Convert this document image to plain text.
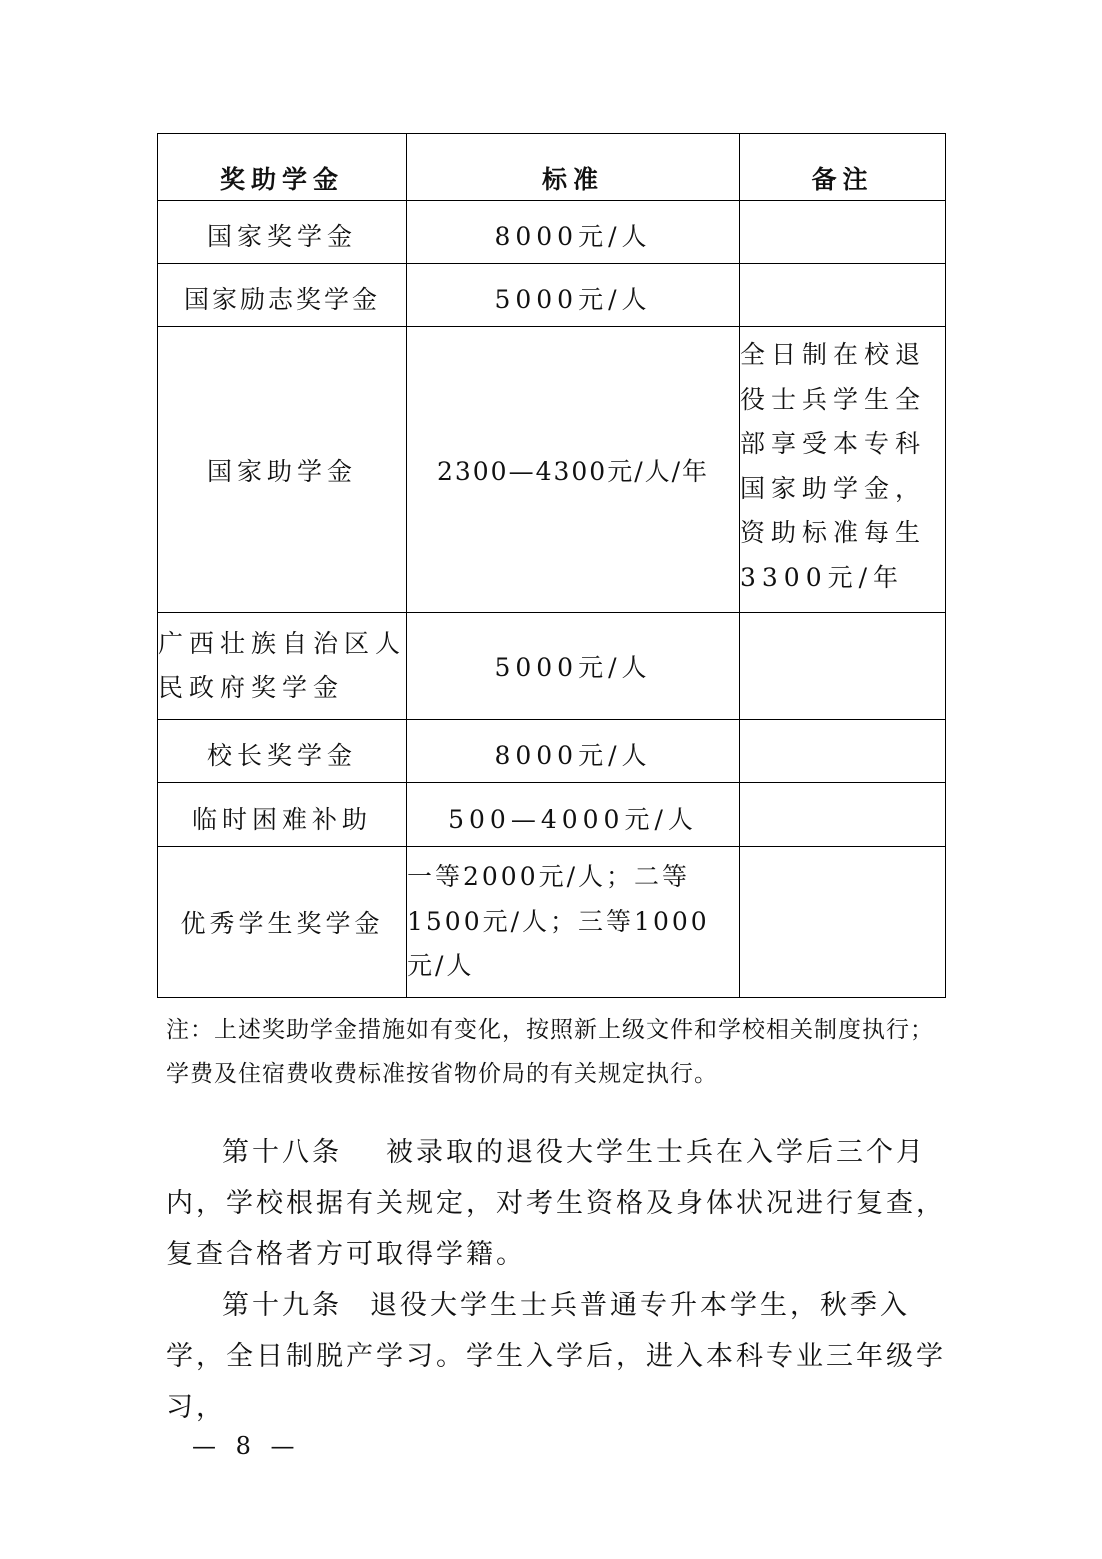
奖助学金	标准	备注

国家奖学金	8000元/人	

国家励志奖学金	5000元/人	

国家助学金	2300—4300元/人/年	全日制在校退役士兵学生全部享受本专科国家助学金，资助标准每生3300元/年

广西壮族自治区人民政府奖学金	5000元/人	

校长奖学金	8000元/人	

临时困难补助	500—4000元/人	

优秀学生奖学金	一等2000元/人；二等1500元/人；三等1000元/人	

注：上述奖助学金措施如有变化，按照新上级文件和学校相关制度执行；学费及住宿费收费标准按省物价局的有关规定执行。
第十八条 被录取的退役大学生士兵在入学后三个月内，学校根据有关规定，对考生资格及身体状况进行复查，复查合格者方可取得学籍。
第十九条 退役大学生士兵普通专升本学生，秋季入学，全日制脱产学习。学生入学后，进入本科专业三年级学习，
— 8 —
